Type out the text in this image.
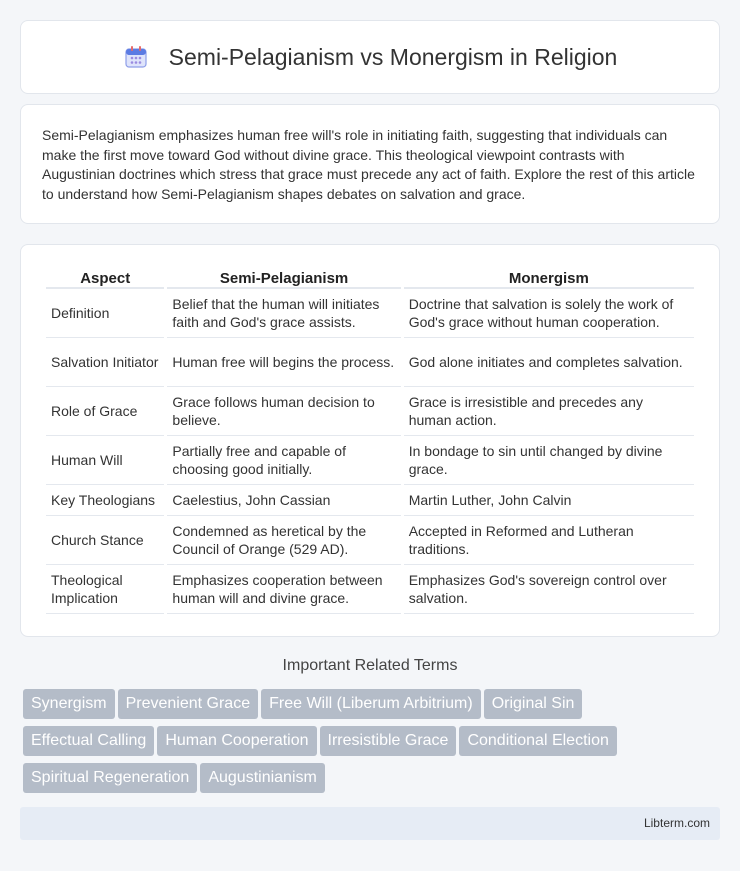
Semi-Pelagianism vs Monergism in Religion

Semi-Pelagianism emphasizes human free will's role in initiating faith, suggesting that individuals can make the first move toward God without divine grace. This theological viewpoint contrasts with Augustinian doctrines which stress that grace must precede any act of faith. Explore the rest of this article to understand how Semi-Pelagianism shapes debates on salvation and grace.

Aspect	Semi-Pelagianism	Monergism
Definition	Belief that the human will initiates faith and God's grace assists.	Doctrine that salvation is solely the work of God's grace without human cooperation.
Salvation Initiator	Human free will begins the process.	God alone initiates and completes salvation.
Role of Grace	Grace follows human decision to believe.	Grace is irresistible and precedes any human action.
Human Will	Partially free and capable of choosing good initially.	In bondage to sin until changed by divine grace.
Key Theologians	Caelestius, John Cassian	Martin Luther, John Calvin
Church Stance	Condemned as heretical by the Council of Orange (529 AD).	Accepted in Reformed and Lutheran traditions.
Theological Implication	Emphasizes cooperation between human will and divine grace.	Emphasizes God's sovereign control over salvation.
Important Related Terms
Synergism Prevenient Grace Free Will (Liberum Arbitrium) Original Sin
Effectual Calling Human Cooperation Irresistible Grace Conditional Election
Spiritual Regeneration Augustinianism
Libterm.com
